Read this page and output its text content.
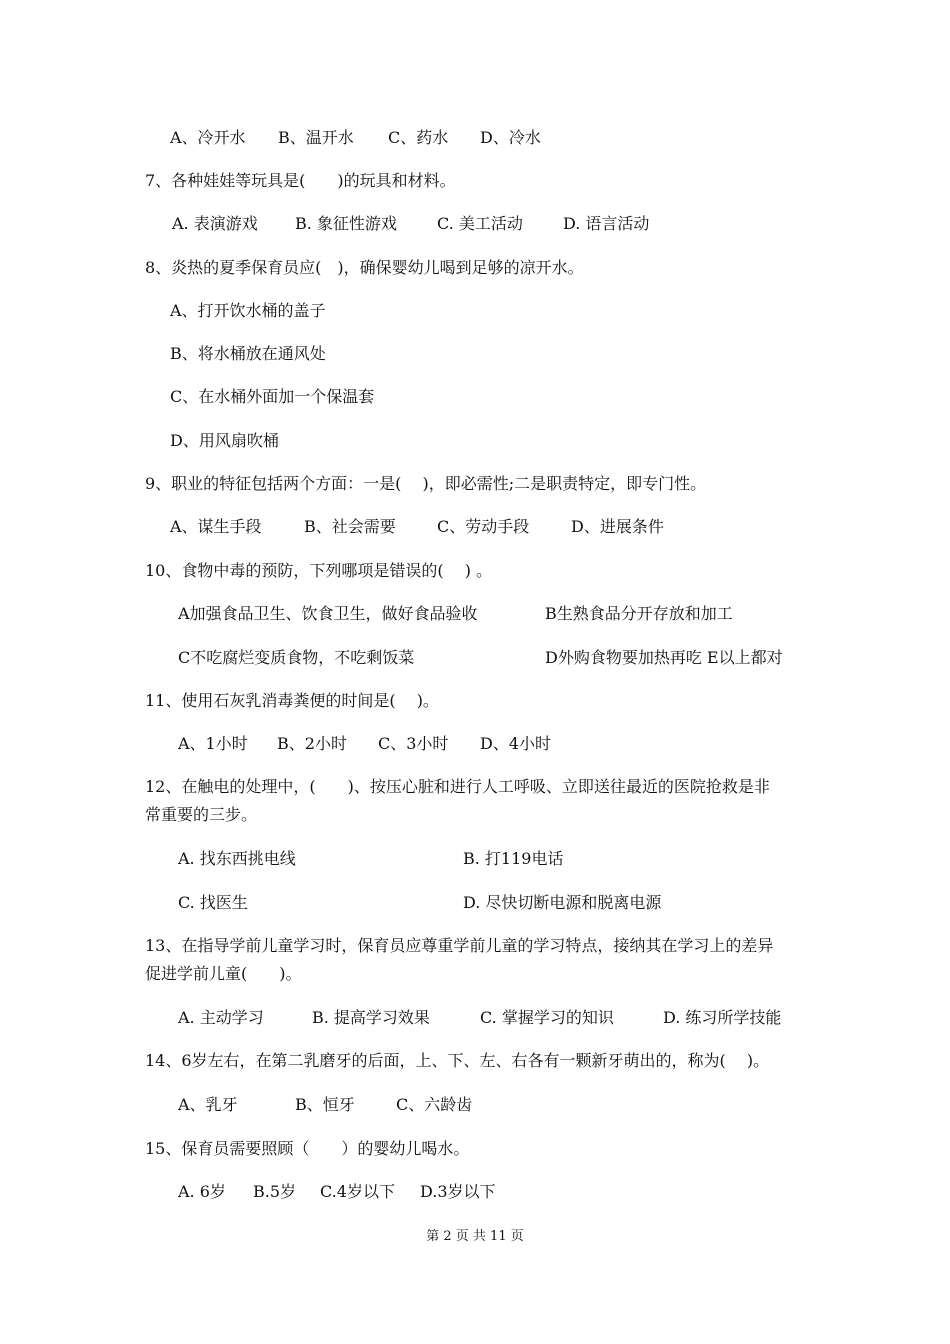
A、冷开水 B、温开水 C、药水 D、冷水
7、各种娃娃等玩具是(　　)的玩具和材料。
A. 表演游戏 B. 象征性游戏	C. 美工活动	D. 语言活动
8、炎热的夏季保育员应(　)，确保婴幼儿喝到足够的凉开水。
A、打开饮水桶的盖子
B、将水桶放在通风处
C、在水桶外面加一个保温套
D、用风扇吹桶
9、职业的特征包括两个方面：一是(　 )，即必需性;二是职责特定，即专门性。
A、谋生手段	B、社会需要	C、劳动手段	D、进展条件
10、食物中毒的预防，下列哪项是错误的(　 ) 。
A加强食品卫生、饮食卫生，做好食品验收	B生熟食品分开存放和加工
C不吃腐烂变质食物，不吃剩饭菜	D外购食物要加热再吃 E以上都对
11、使用石灰乳消毒粪便的时间是(　 )。
A、1小时 B、2小时 C、3小时 D、4小时
12、在触电的处理中，(　　)、按压心脏和进行人工呼吸、立即送往最近的医院抢救是非
常重要的三步。
A. 找东西挑电线	B. 打119电话
C. 找医生	D. 尽快切断电源和脱离电源
13、在指导学前儿童学习时，保育员应尊重学前儿童的学习特点，接纳其在学习上的差异
促进学前儿童(　　)。
A. 主动学习	B. 提高学习效果	C. 掌握学习的知识	D. 练习所学技能
14、6岁左右，在第二乳磨牙的后面，上、下、左、右各有一颗新牙萌出的，称为(　 )。
A、乳牙	B、恒牙	C、六龄齿
15、保育员需要照顾（　　）的婴幼儿喝水。
A. 6岁 B.5岁 C.4岁以下 D.3岁以下
第 2 页 共 11 页
